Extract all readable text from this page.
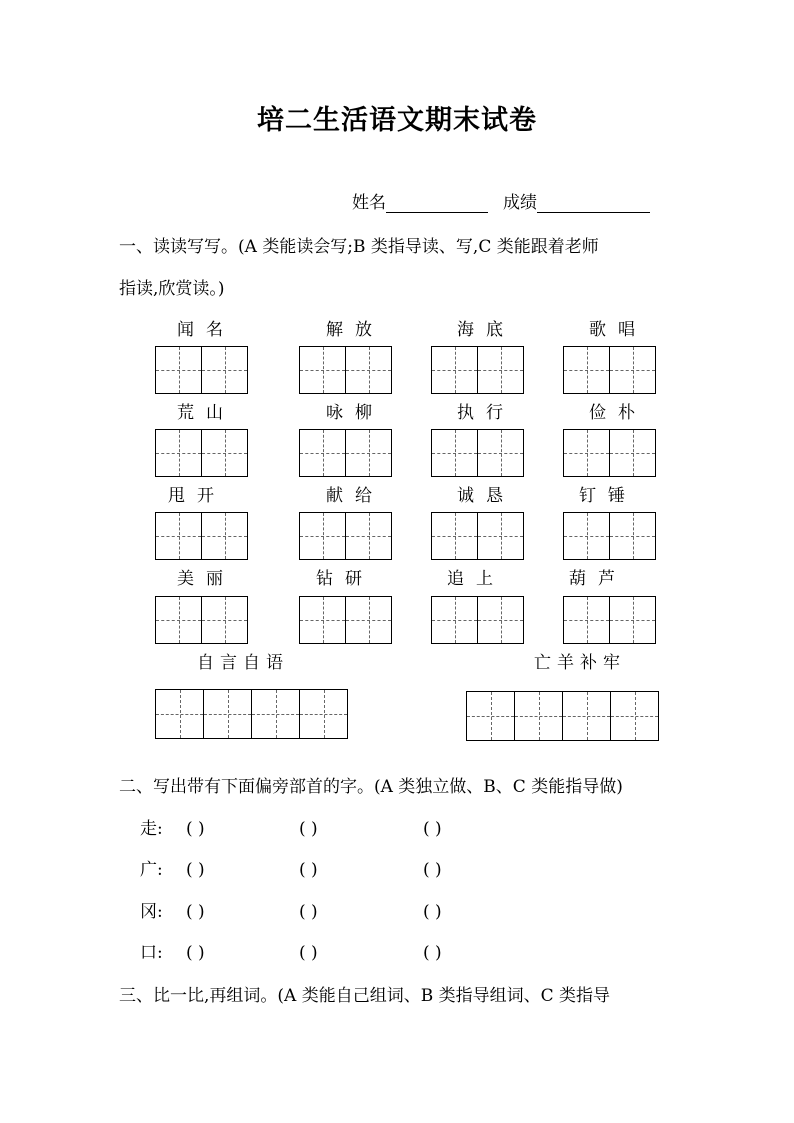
培二生活语文期末试卷
姓名	成绩
一、读读写写。(A 类能读会写;B 类指导读、写,C 类能跟着老师
指读,欣赏读。)
闻名	解放	海底	歌唱
荒山	咏柳	执行	俭朴
甩开	献给	诚恳	钉锤
美丽	钻研	追上	葫芦
自言自语	亡羊补牢
二、写出带有下面偏旁部首的字。(A 类独立做、B、C 类能指导做)
走: ( )	( )	( )
广: ( )	( )	( )
冈: ( )	( )	( )
口: ( )	( )	( )
三、比一比,再组词。(A 类能自己组词、B 类指导组词、C 类指导
